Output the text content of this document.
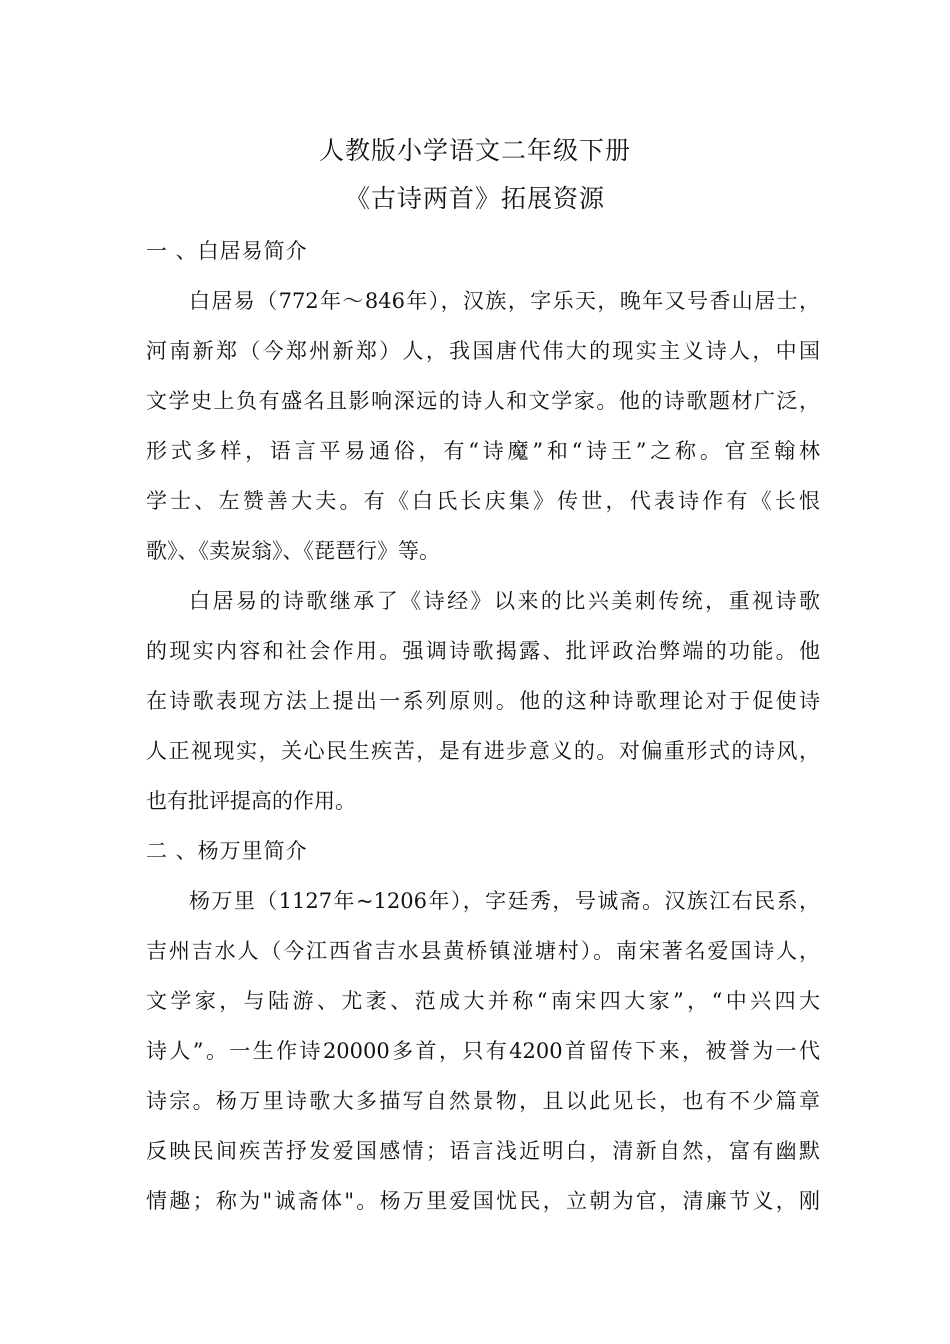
人教版小学语文二年级下册
《古诗两首》拓展资源
一 、白居易简介
白居易（772年～846年），汉族，字乐天，晚年又号香山居士，
河南新郑（今郑州新郑）人，我国唐代伟大的现实主义诗人，中国
文学史上负有盛名且影响深远的诗人和文学家。他的诗歌题材广泛，
形式多样，语言平易通俗，有“诗魔”和“诗王”之称。官至翰林
学士、左赞善大夫。有《白氏长庆集》传世，代表诗作有《长恨
歌》、《卖炭翁》、《琵琶行》等。
白居易的诗歌继承了《诗经》以来的比兴美刺传统，重视诗歌
的现实内容和社会作用。强调诗歌揭露、批评政治弊端的功能。他
在诗歌表现方法上提出一系列原则。他的这种诗歌理论对于促使诗
人正视现实，关心民生疾苦，是有进步意义的。对偏重形式的诗风，
也有批评提高的作用。
二 、杨万里简介
杨万里（1127年~1206年），字廷秀，号诚斋。汉族江右民系，
吉州吉水人（今江西省吉水县黄桥镇湴塘村）。南宋著名爱国诗人，
文学家，与陆游、尤袤、范成大并称“南宋四大家”，“中兴四大
诗人”。一生作诗20000多首，只有4200首留传下来，被誉为一代
诗宗。杨万里诗歌大多描写自然景物，且以此见长，也有不少篇章
反映民间疾苦抒发爱国感情；语言浅近明白，清新自然，富有幽默
情趣；称为"诚斋体"。杨万里爱国忧民，立朝为官，清廉节义，刚
